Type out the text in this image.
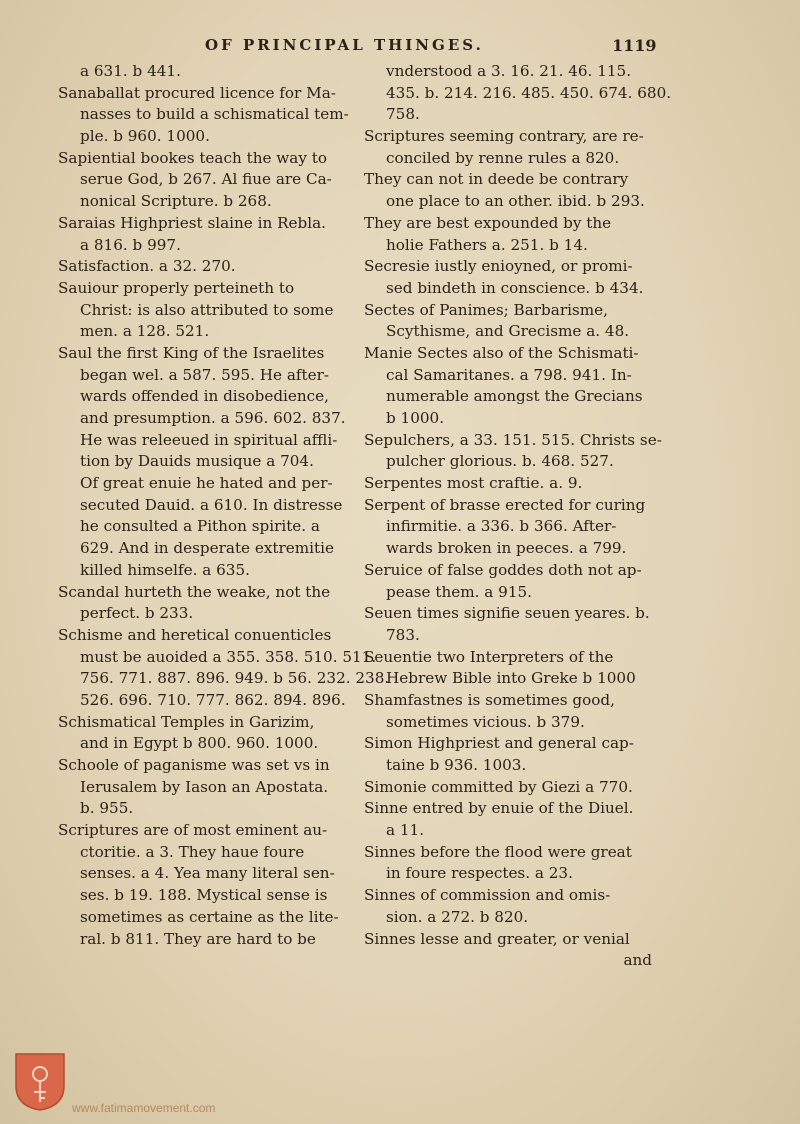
OF PRINCIPAL THINGES.	1119
a 631. b 441.
Sanaballat procured licence for Ma-
nasses to build a schismatical tem-
ple. b 960. 1000.
Sapiential bookes teach the way to
serue God, b 267. Al fiue are Ca-
nonical Scripture. b 268.
Saraias Highpriest slaine in Rebla.
a 816. b 997.
Satisfaction. a 32. 270.
Sauiour properly perteineth to
Christ: is also attributed to some
men. a 128. 521.
Saul the first King of the Israelites
began wel. a 587. 595. He after-
wards offended in disobedience,
and presumption. a 596. 602. 837.
He was releeued in spiritual affli-
tion by Dauids musique a 704.
Of great enuie he hated and per-
secuted Dauid. a 610. In distresse
he consulted a Pithon spirite. a
629. And in desperate extremitie
killed himselfe. a 635.
Scandal hurteth the weake, not the
perfect. b 233.
Schisme and heretical conuenticles
must be auoided a 355. 358. 510. 511.
756. 771. 887. 896. 949. b 56. 232. 238.
526. 696. 710. 777. 862. 894. 896.
Schismatical Temples in Garizim,
and in Egypt b 800. 960. 1000.
Schoole of paganisme was set vs in
Ierusalem by Iason an Apostata.
b. 955.
Scriptures are of most eminent au-
ctoritie. a 3. They haue foure
senses. a 4. Yea many literal sen-
ses. b 19. 188. Mystical sense is
sometimes as certaine as the lite-
ral. b 811. They are hard to be
vnderstood a 3. 16. 21. 46. 115.
435. b. 214. 216. 485. 450. 674. 680.
758.
Scriptures seeming contrary, are re-
conciled by renne rules a 820.
They can not in deede be contrary
one place to an other. ibid. b 293.
They are best expounded by the
holie Fathers a. 251. b 14.
Secresie iustly enioyned, or promi-
sed bindeth in conscience. b 434.
Sectes of Panimes; Barbarisme,
Scythisme, and Grecisme a. 48.
Manie Sectes also of the Schismati-
cal Samaritanes. a 798. 941. In-
numerable amongst the Grecians
b 1000.
Sepulchers, a 33. 151. 515. Christs se-
pulcher glorious. b. 468. 527.
Serpentes most craftie. a. 9.
Serpent of brasse erected for curing
infirmitie. a 336. b 366. After-
wards broken in peeces. a 799.
Seruice of false goddes doth not ap-
pease them. a 915.
Seuen times signifie seuen yeares. b.
783.
Seuentie two Interpreters of the
Hebrew Bible into Greke b 1000
Shamfastnes is sometimes good,
sometimes vicious. b 379.
Simon Highpriest and general cap-
taine b 936. 1003.
Simonie committed by Giezi a 770.
Sinne entred by enuie of the Diuel.
a 11.
Sinnes before the flood were great
in foure respectes. a 23.
Sinnes of commission and omis-
sion. a 272. b 820.
Sinnes lesse and greater, or venial
and
www.fatimamovement.com
